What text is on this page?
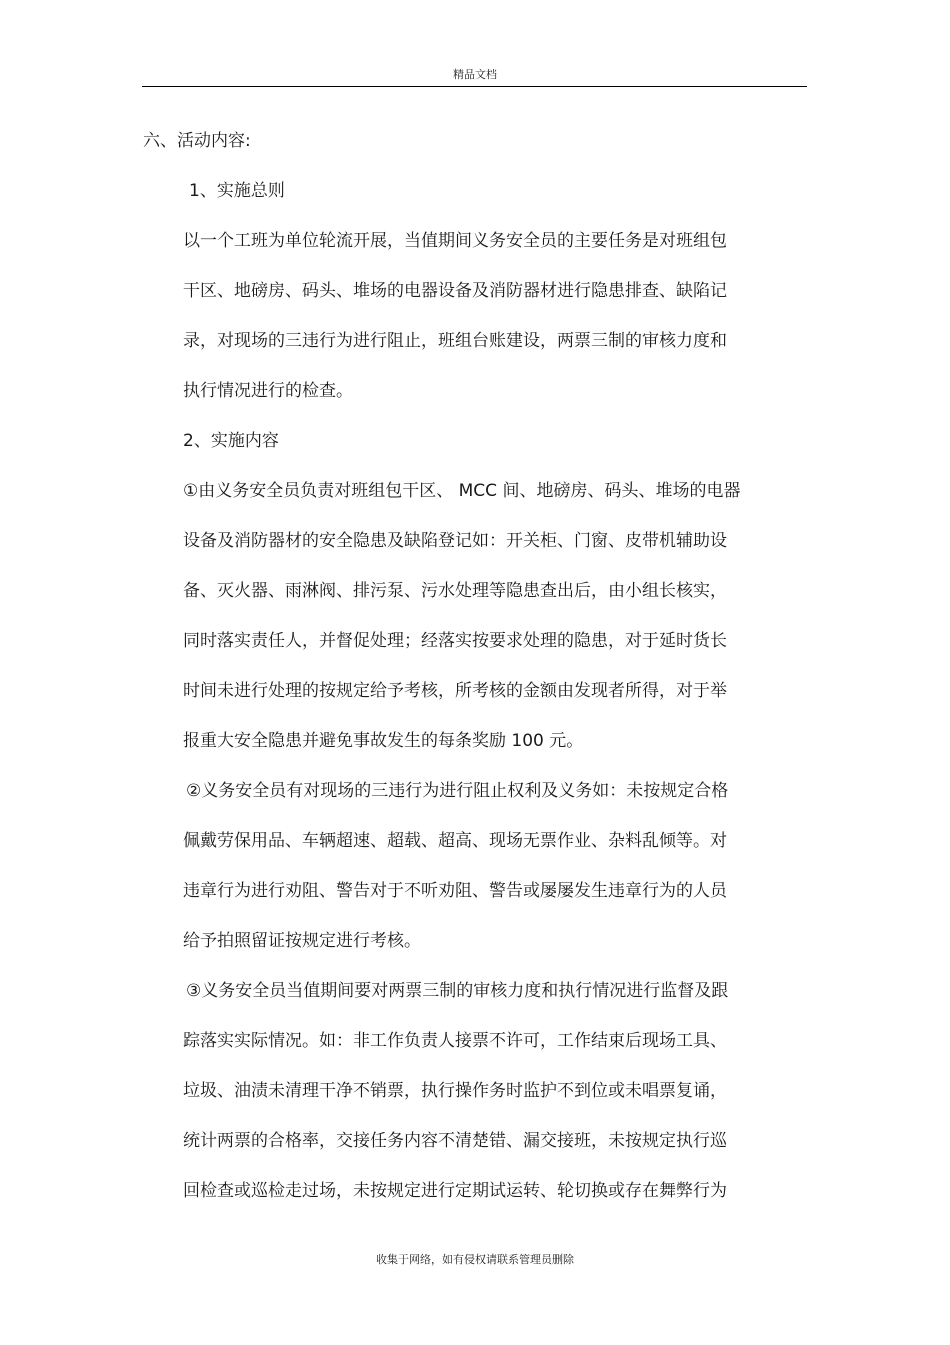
精品文档
六、活动内容:
1、实施总则
以一个工班为单位轮流开展，当值期间义务安全员的主要任务是对班组包
干区、地磅房、码头、堆场的电器设备及消防器材进行隐患排查、缺陷记
录，对现场的三违行为进行阻止，班组台账建设，两票三制的审核力度和
执行情况进行的检查。
2、实施内容
①由义务安全员负责对班组包干区、 MCC 间、地磅房、码头、堆场的电器
设备及消防器材的安全隐患及缺陷登记如：开关柜、门窗、皮带机辅助设
备、灭火器、雨淋阀、排污泵、污水处理等隐患查出后，由小组长核实，
同时落实责任人，并督促处理；经落实按要求处理的隐患，对于延时货长
时间未进行处理的按规定给予考核，所考核的金额由发现者所得，对于举
报重大安全隐患并避免事故发生的每条奖励 100 元。
②义务安全员有对现场的三违行为进行阻止权利及义务如：未按规定合格
佩戴劳保用品、车辆超速、超载、超高、现场无票作业、杂料乱倾等。对
违章行为进行劝阻、警告对于不听劝阻、警告或屡屡发生违章行为的人员
给予拍照留证按规定进行考核。
③义务安全员当值期间要对两票三制的审核力度和执行情况进行监督及跟
踪落实实际情况。如：非工作负责人接票不许可，工作结束后现场工具、
垃圾、油渍未清理干净不销票，执行操作务时监护不到位或未唱票复诵，
统计两票的合格率，交接任务内容不清楚错、漏交接班，未按规定执行巡
回检查或巡检走过场，未按规定进行定期试运转、轮切换或存在舞弊行为
收集于网络，如有侵权请联系管理员删除
